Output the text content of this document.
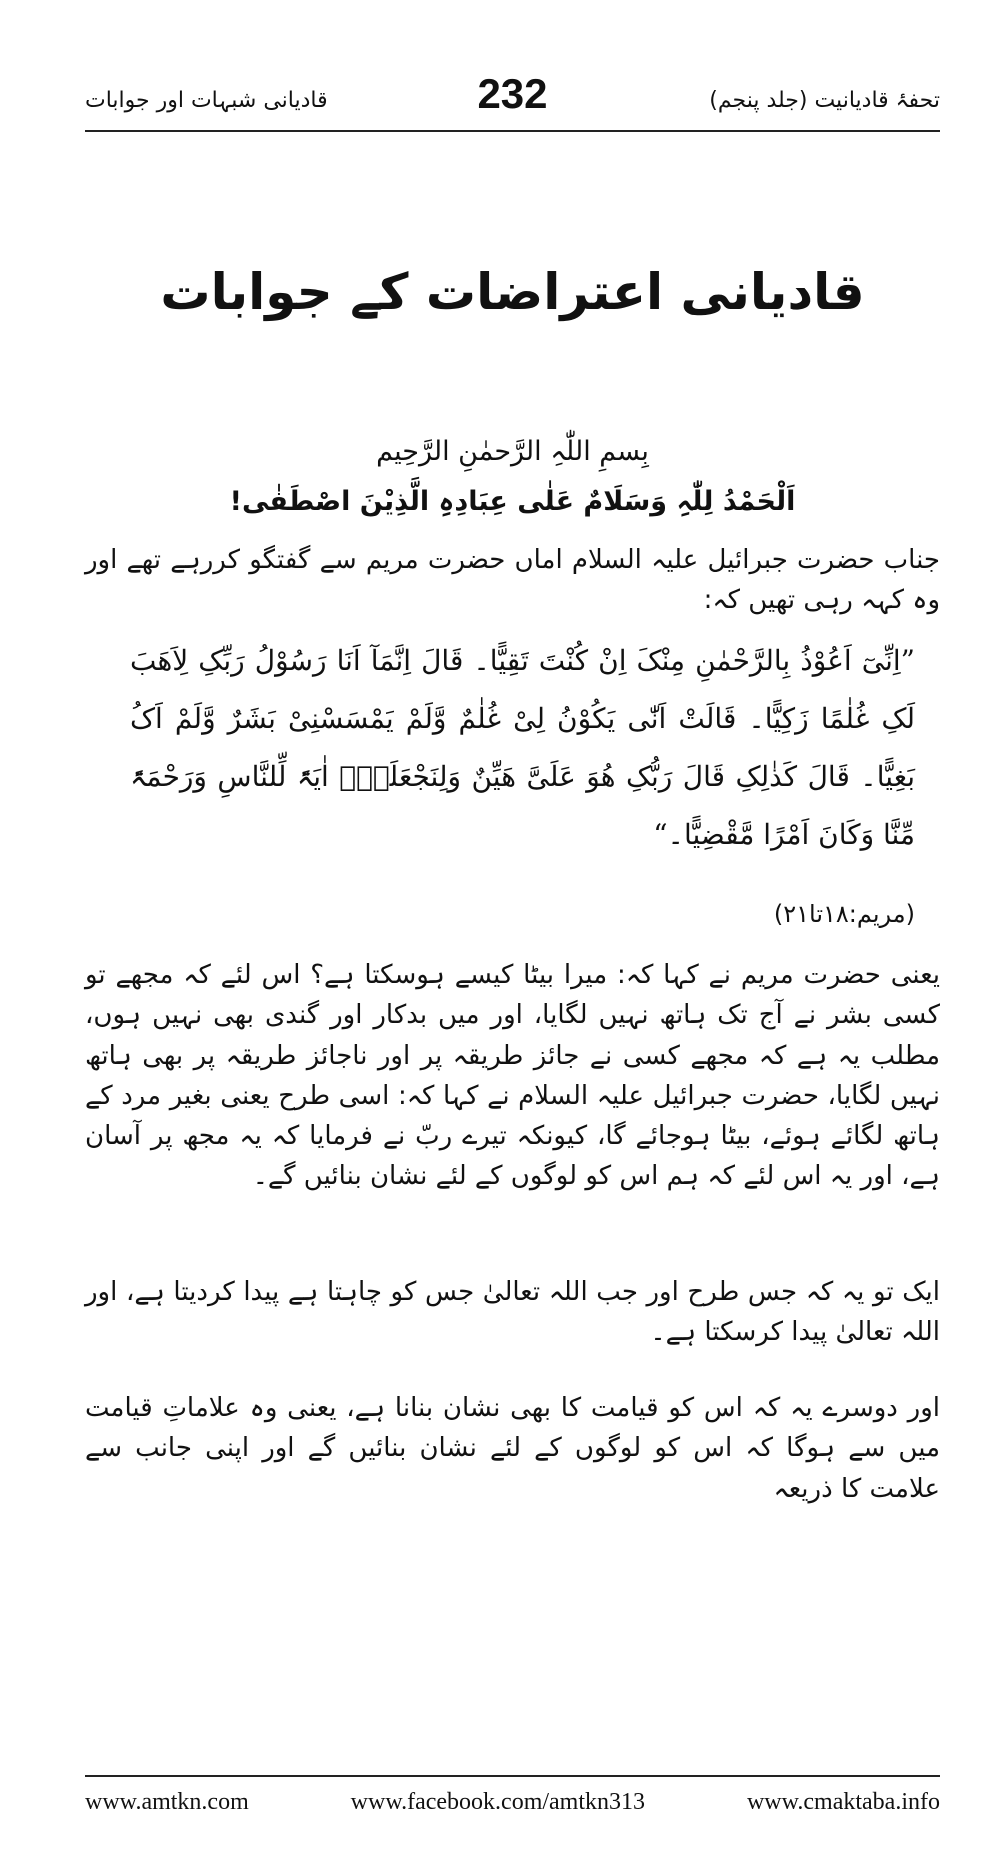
تحفۂ قادیانیت (جلد پنجم)
232
قادیانی شبہات اور جوابات
قادیانی اعتراضات کے جوابات
بِسمِ اللّٰہِ الرَّحمٰنِ الرَّحِیم
اَلْحَمْدُ لِلّٰہِ وَسَلَامٌ عَلٰی عِبَادِہِ الَّذِیْنَ اصْطَفٰی!
جناب حضرت جبرائیل علیہ السلام اماں حضرت مریم سے گفتگو کررہے تھے اور وہ کہہ رہی تھیں کہ:
”اِنِّیٓ اَعُوْذُ بِالرَّحْمٰنِ مِنْکَ اِنْ کُنْتَ تَقِیًّا۔ قَالَ اِنَّمَآ اَنَا رَسُوْلُ رَبِّکِ لِاَھَبَ لَکِ غُلٰمًا زَکِیًّا۔ قَالَتْ اَنّٰی یَکُوْنُ لِیْ غُلٰمٌ وَّلَمْ یَمْسَسْنِیْ بَشَرٌ وَّلَمْ اَکُ بَغِیًّا۔ قَالَ کَذٰلِکِ قَالَ رَبُّکِ ھُوَ عَلَیَّ ھَیِّنٌ وَلِنَجْعَلَہٗٓ اٰیَۃً لِّلنَّاسِ وَرَحْمَۃً مِّنَّا وَکَانَ اَمْرًا مَّقْضِیًّا۔“
(مریم:۱۸تا۲۱)
یعنی حضرت مریم نے کہا کہ: میرا بیٹا کیسے ہوسکتا ہے؟ اس لئے کہ مجھے تو کسی بشر نے آج تک ہاتھ نہیں لگایا، اور میں بدکار اور گندی بھی نہیں ہوں، مطلب یہ ہے کہ مجھے کسی نے جائز طریقہ پر اور ناجائز طریقہ پر بھی ہاتھ نہیں لگایا، حضرت جبرائیل علیہ السلام نے کہا کہ: اسی طرح یعنی بغیر مرد کے ہاتھ لگائے ہوئے، بیٹا ہوجائے گا، کیونکہ تیرے ربّ نے فرمایا کہ یہ مجھ پر آسان ہے، اور یہ اس لئے کہ ہم اس کو لوگوں کے لئے نشان بنائیں گے۔
ایک تو یہ کہ جس طرح اور جب اللہ تعالیٰ جس کو چاہتا ہے پیدا کردیتا ہے، اور اللہ تعالیٰ پیدا کرسکتا ہے۔
اور دوسرے یہ کہ اس کو قیامت کا بھی نشان بنانا ہے، یعنی وہ علاماتِ قیامت میں سے ہوگا کہ اس کو لوگوں کے لئے نشان بنائیں گے اور اپنی جانب سے علامت کا ذریعہ
www.amtkn.com	www.facebook.com/amtkn313	www.cmaktaba.info
